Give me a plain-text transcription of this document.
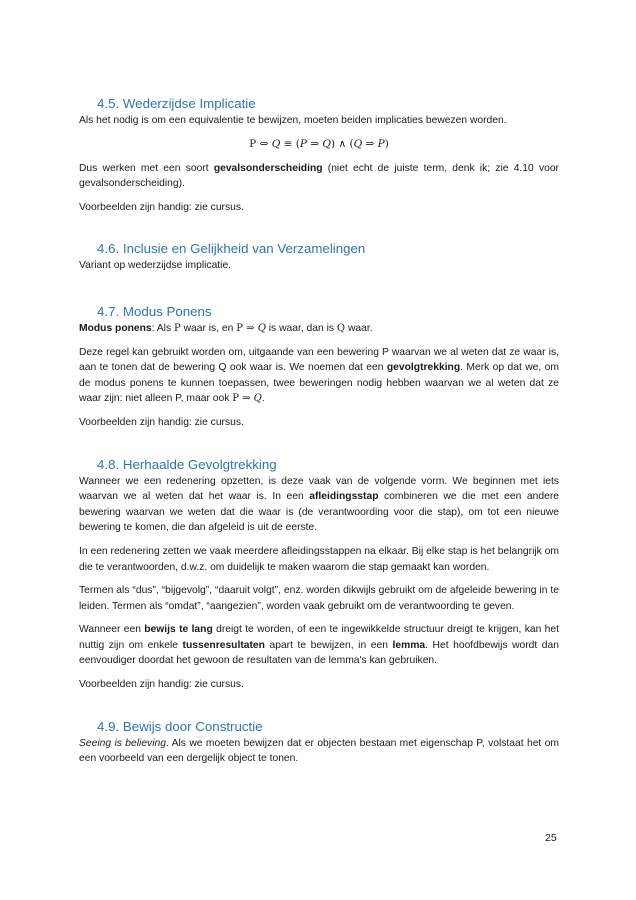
4.5. Wederzijdse Implicatie

Als het nodig is om een equivalentie te bewijzen, moeten beiden implicaties bewezen worden.

P ⇔ 𝑄 ≡ (𝑃 ⇒ 𝑄) ∧ (𝑄 ⇒ 𝑃)

Dus werken met een soort gevalsonderscheiding (niet echt de juiste term, denk ik; zie 4.10 voor gevalsonderscheiding).

Voorbeelden zijn handig: zie cursus.

4.6. Inclusie en Gelijkheid van Verzamelingen

Variant op wederzijdse implicatie.

4.7. Modus Ponens

Modus ponens: Als P waar is, en P ⇒ 𝑄 is waar, dan is Q waar.

Deze regel kan gebruikt worden om, uitgaande van een bewering P waarvan we al weten dat ze waar is, aan te tonen dat de bewering Q ook waar is. We noemen dat een gevolgtrekking. Merk op dat we, om de modus ponens te kunnen toepassen, twee beweringen nodig hebben waarvan we al weten dat ze waar zijn: niet alleen P, maar ook P ⇒ 𝑄.

Voorbeelden zijn handig: zie cursus.

4.8. Herhaalde Gevolgtrekking

Wanneer we een redenering opzetten, is deze vaak van de volgende vorm. We beginnen met iets waarvan we al weten dat het waar is. In een afleidingsstap combineren we die met een andere bewering waarvan we weten dat die waar is (de verantwoording voor die stap), om tot een nieuwe bewering te komen, die dan afgeleid is uit de eerste.

In een redenering zetten we vaak meerdere afleidingsstappen na elkaar. Bij elke stap is het belangrijk om die te verantwoorden, d.w.z. om duidelijk te maken waarom die stap gemaakt kan worden.

Termen als “dus”, “bijgevolg”, “daaruit volgt”, enz. worden dikwijls gebruikt om de afgeleide bewering in te leiden. Termen als “omdat”, “aangezien”, worden vaak gebruikt om de verantwoording te geven.

Wanneer een bewijs te lang dreigt te worden, of een te ingewikkelde structuur dreigt te krijgen, kan het nuttig zijn om enkele tussenresultaten apart te bewijzen, in een lemma. Het hoofdbewijs wordt dan eenvoudiger doordat het gewoon de resultaten van de lemma's kan gebruiken.

Voorbeelden zijn handig: zie cursus.

4.9. Bewijs door Constructie

Seeing is believing. Als we moeten bewijzen dat er objecten bestaan met eigenschap P, volstaat het om een voorbeeld van een dergelijk object te tonen.

25
